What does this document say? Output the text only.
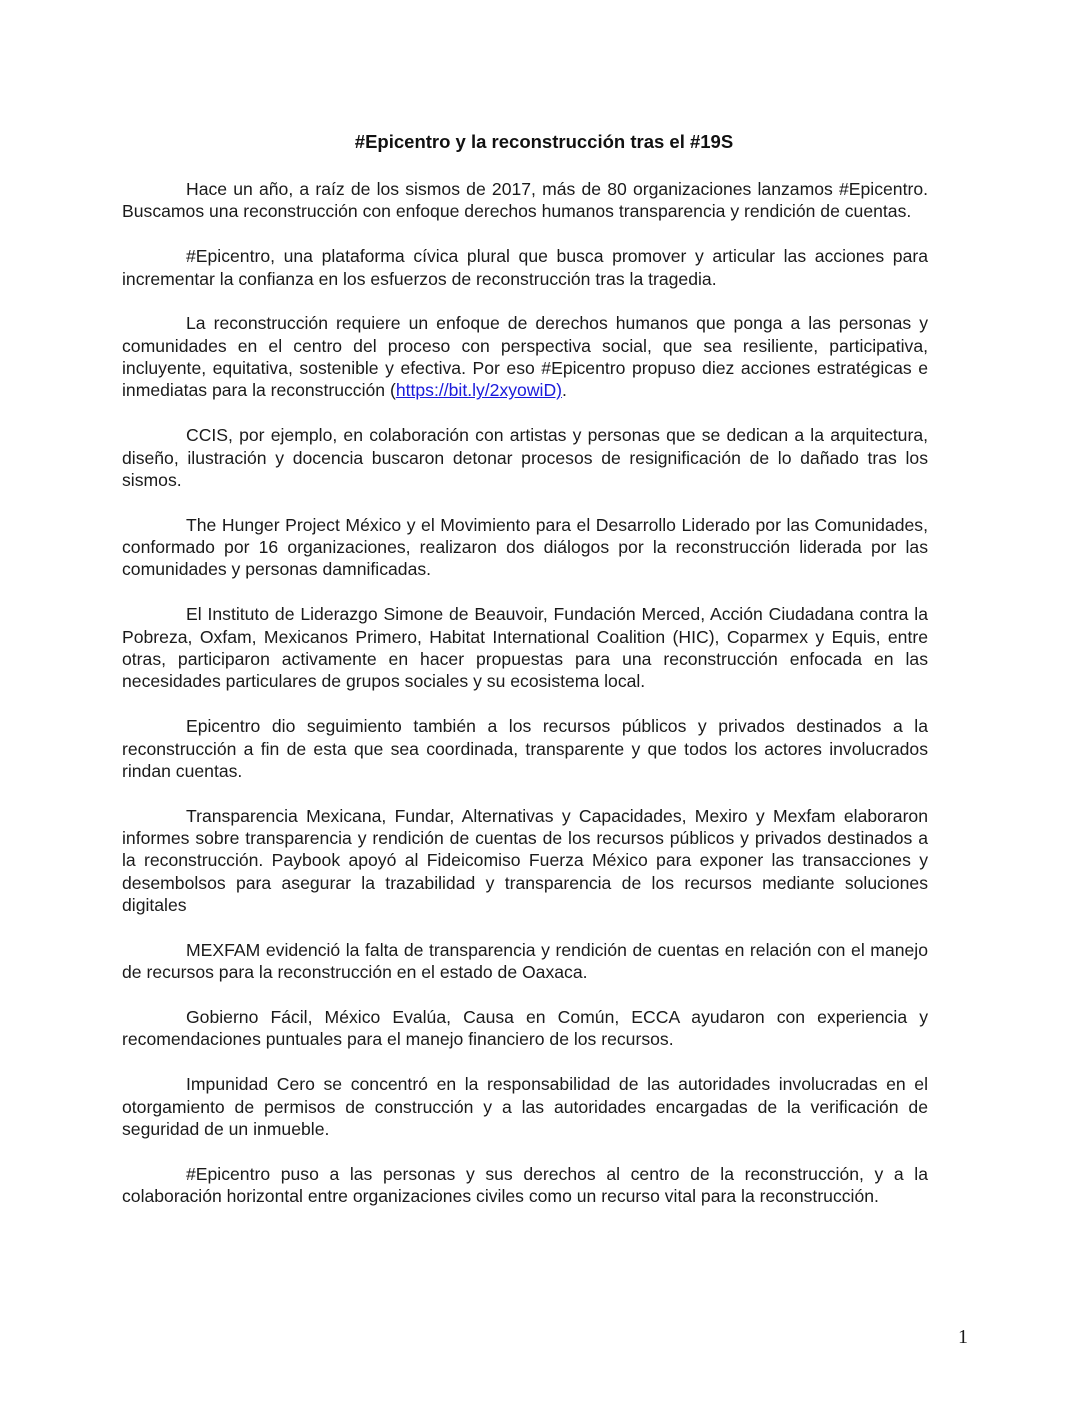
#Epicentro y la reconstrucción tras el #19S

Hace un año, a raíz de los sismos de 2017, más de 80 organizaciones lanzamos #Epicentro. Buscamos una reconstrucción con enfoque derechos humanos transparencia y rendición de cuentas.

#Epicentro, una plataforma cívica plural que busca promover y articular las acciones para incrementar la confianza en los esfuerzos de reconstrucción tras la tragedia.

La reconstrucción requiere un enfoque de derechos humanos que ponga a las personas y comunidades en el centro del proceso con perspectiva social, que sea resiliente, participativa, incluyente, equitativa, sostenible y efectiva. Por eso #Epicentro propuso diez acciones estratégicas e inmediatas para la reconstrucción (https://bit.ly/2xyowiD).

CCIS, por ejemplo, en colaboración con artistas y personas que se dedican a la arquitectura, diseño, ilustración y docencia buscaron detonar procesos de resignificación de lo dañado tras los sismos.

The Hunger Project México y el Movimiento para el Desarrollo Liderado por las Comunidades, conformado por 16 organizaciones, realizaron dos diálogos por la reconstrucción liderada por las comunidades y personas damnificadas.

El Instituto de Liderazgo Simone de Beauvoir, Fundación Merced, Acción Ciudadana contra la Pobreza, Oxfam, Mexicanos Primero, Habitat International Coalition (HIC), Coparmex y Equis, entre otras, participaron activamente en hacer propuestas para una reconstrucción enfocada en las necesidades particulares de grupos sociales y su ecosistema local.

Epicentro dio seguimiento también a los recursos públicos y privados destinados a la reconstrucción a fin de esta que sea coordinada, transparente y que todos los actores involucrados rindan cuentas.

Transparencia Mexicana, Fundar, Alternativas y Capacidades, Mexiro y Mexfam elaboraron informes sobre transparencia y rendición de cuentas de los recursos públicos y privados destinados a la reconstrucción. Paybook apoyó al Fideicomiso Fuerza México para exponer las transacciones y desembolsos para asegurar la trazabilidad y transparencia de los recursos mediante soluciones digitales

MEXFAM evidenció la falta de transparencia y rendición de cuentas en relación con el manejo de recursos para la reconstrucción en el estado de Oaxaca.

Gobierno Fácil, México Evalúa, Causa en Común, ECCA ayudaron con experiencia y recomendaciones puntuales para el manejo financiero de los recursos.

Impunidad Cero se concentró en la responsabilidad de las autoridades involucradas en el otorgamiento de permisos de construcción y a las autoridades encargadas de la verificación de seguridad de un inmueble.

#Epicentro puso a las personas y sus derechos al centro de la reconstrucción, y a la colaboración horizontal entre organizaciones civiles como un recurso vital para la reconstrucción.

1
